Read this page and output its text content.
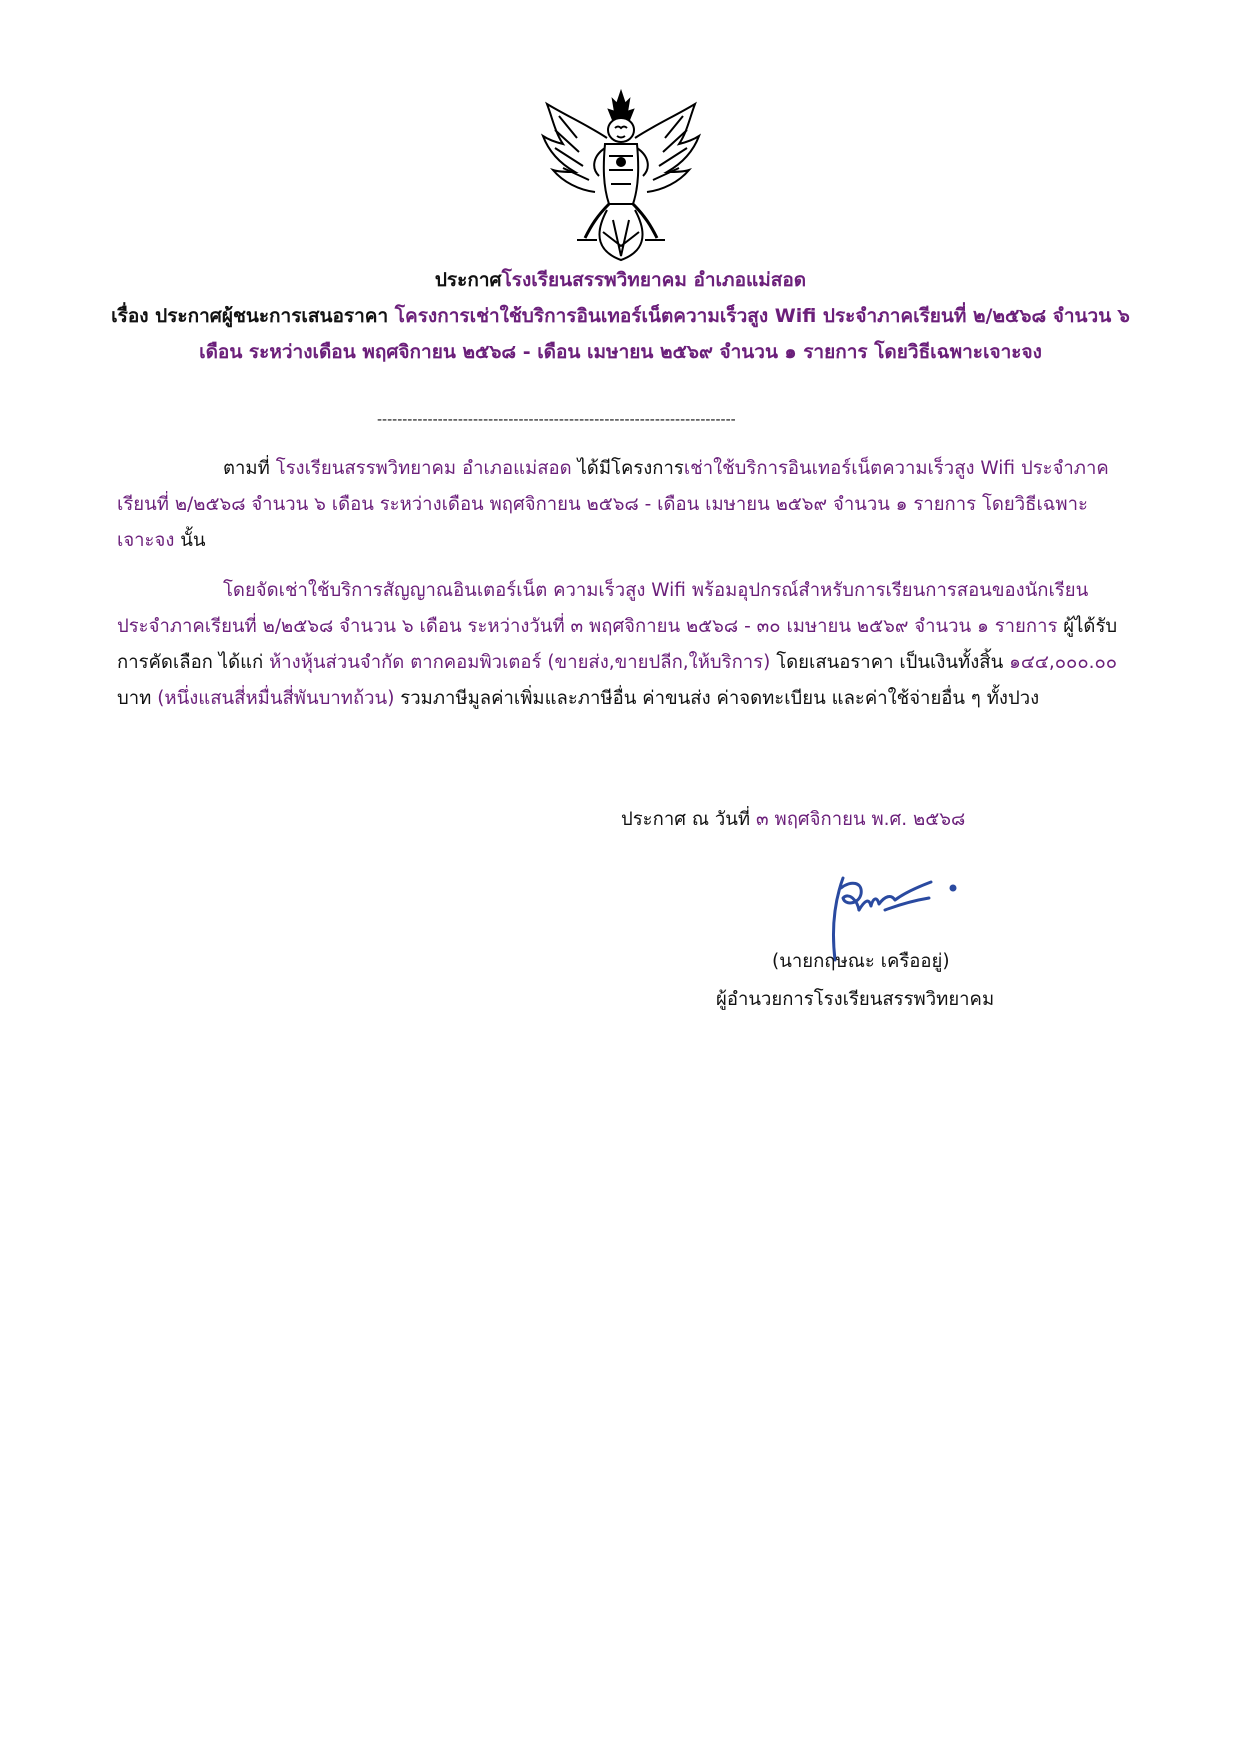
ประกาศโรงเรียนสรรพวิทยาคม อำเภอแม่สอด
เรื่อง ประกาศผู้ชนะการเสนอราคา โครงการเช่าใช้บริการอินเทอร์เน็ตความเร็วสูง Wifi ประจำภาคเรียนที่ ๒/๒๕๖๘ จำนวน ๖ เดือน ระหว่างเดือน พฤศจิกายน ๒๕๖๘ - เดือน เมษายน ๒๕๖๙ จำนวน ๑ รายการ โดยวิธีเฉพาะเจาะจง
-----------------------------------------------------------------------

ตามที่ โรงเรียนสรรพวิทยาคม อำเภอแม่สอด ได้มีโครงการเช่าใช้บริการอินเทอร์เน็ตความเร็วสูง Wifi ประจำภาคเรียนที่ ๒/๒๕๖๘ จำนวน ๖ เดือน ระหว่างเดือน พฤศจิกายน ๒๕๖๘ - เดือน เมษายน ๒๕๖๙ จำนวน ๑ รายการ โดยวิธีเฉพาะเจาะจง นั้น

โดยจัดเช่าใช้บริการสัญญาณอินเตอร์เน็ต ความเร็วสูง Wifi พร้อมอุปกรณ์สำหรับการเรียนการสอนของนักเรียน ประจำภาคเรียนที่ ๒/๒๕๖๘ จำนวน ๖ เดือน ระหว่างวันที่ ๓ พฤศจิกายน ๒๕๖๘ - ๓๐ เมษายน ๒๕๖๙ จำนวน ๑ รายการ ผู้ได้รับการคัดเลือก ได้แก่ ห้างหุ้นส่วนจำกัด ตากคอมพิวเตอร์ (ขายส่ง,ขายปลีก,ให้บริการ) โดยเสนอราคา เป็นเงินทั้งสิ้น ๑๔๔,๐๐๐.๐๐ บาท (หนึ่งแสนสี่หมื่นสี่พันบาทถ้วน) รวมภาษีมูลค่าเพิ่มและภาษีอื่น ค่าขนส่ง ค่าจดทะเบียน และค่าใช้จ่ายอื่น ๆ ทั้งปวง

ประกาศ ณ วันที่ ๓ พฤศจิกายน พ.ศ. ๒๕๖๘
(นายกฤษณะ เครืออยู่)
ผู้อำนวยการโรงเรียนสรรพวิทยาคม
